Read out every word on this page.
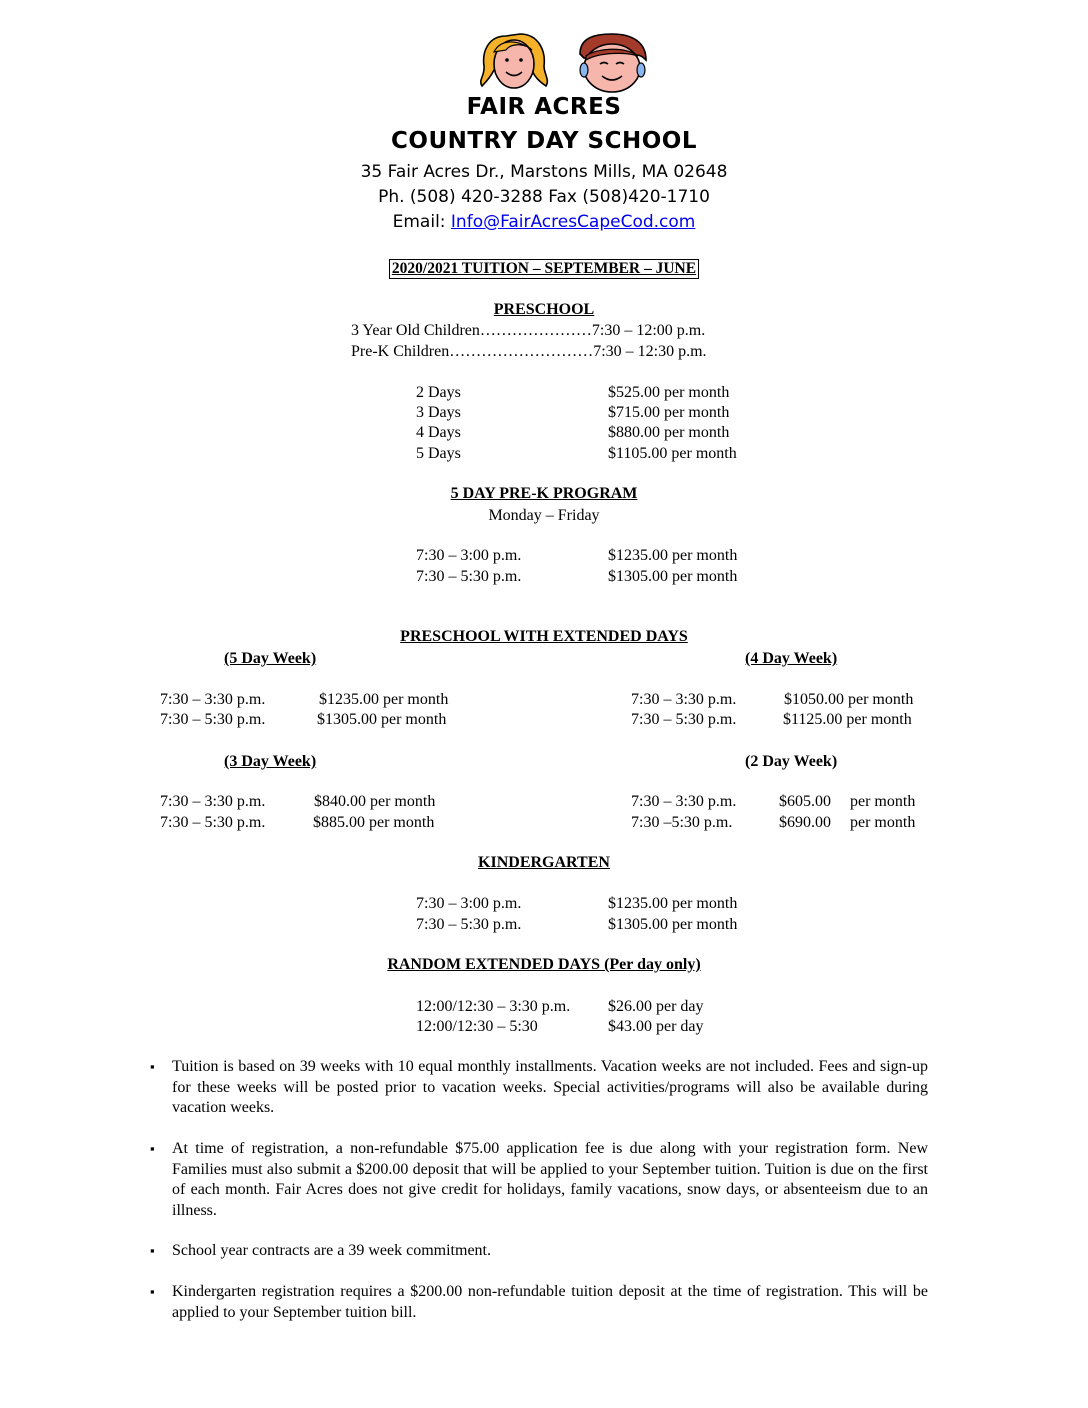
FAIR ACRES
COUNTRY DAY SCHOOL
35 Fair Acres Dr., Marstons Mills, MA 02648
Ph. (508) 420-3288 Fax (508)420-1710
Email: Info@FairAcresCapeCod.com
2020/2021 TUITION – SEPTEMBER – JUNE
PRESCHOOL
3 Year Old Children…………………7:30 – 12:00 p.m.
Pre-K Children………………………7:30 – 12:30 p.m.
2 Days	$525.00 per month
3 Days	$715.00 per month
4 Days	$880.00 per month
5 Days	$1105.00 per month
5 DAY PRE-K PROGRAM
Monday – Friday
7:30 – 3:00 p.m.	$1235.00 per month
7:30 – 5:30 p.m.	$1305.00 per month
PRESCHOOL WITH EXTENDED DAYS
(5 Day Week)	(4 Day Week)
7:30 – 3:30 p.m.	$1235.00 per month
7:30 – 5:30 p.m.	$1305.00 per month
7:30 – 3:30 p.m.	$1050.00 per month
7:30 – 5:30 p.m.	$1125.00 per month
(3 Day Week)	(2 Day Week)
7:30 – 3:30 p.m.	$840.00 per month
7:30 – 5:30 p.m.	$885.00 per month
7:30 – 3:30 p.m.	$605.00 per month
7:30 –5:30 p.m.	$690.00 per month
KINDERGARTEN
7:30 – 3:00 p.m.	$1235.00 per month
7:30 – 5:30 p.m.	$1305.00 per month
RANDOM EXTENDED DAYS (Per day only)
12:00/12:30 – 3:30 p.m. $26.00 per day
12:00/12:30 – 5:30	$43.00 per day
▪ Tuition is based on 39 weeks with 10 equal monthly installments. Vacation weeks are not included. Fees and sign-up for these weeks will be posted prior to vacation weeks. Special activities/programs will also be available during vacation weeks.
▪ At time of registration, a non-refundable $75.00 application fee is due along with your registration form. New Families must also submit a $200.00 deposit that will be applied to your September tuition. Tuition is due on the first of each month. Fair Acres does not give credit for holidays, family vacations, snow days, or absenteeism due to an illness.
▪ School year contracts are a 39 week commitment.
▪ Kindergarten registration requires a $200.00 non-refundable tuition deposit at the time of registration. This will be applied to your September tuition bill.
